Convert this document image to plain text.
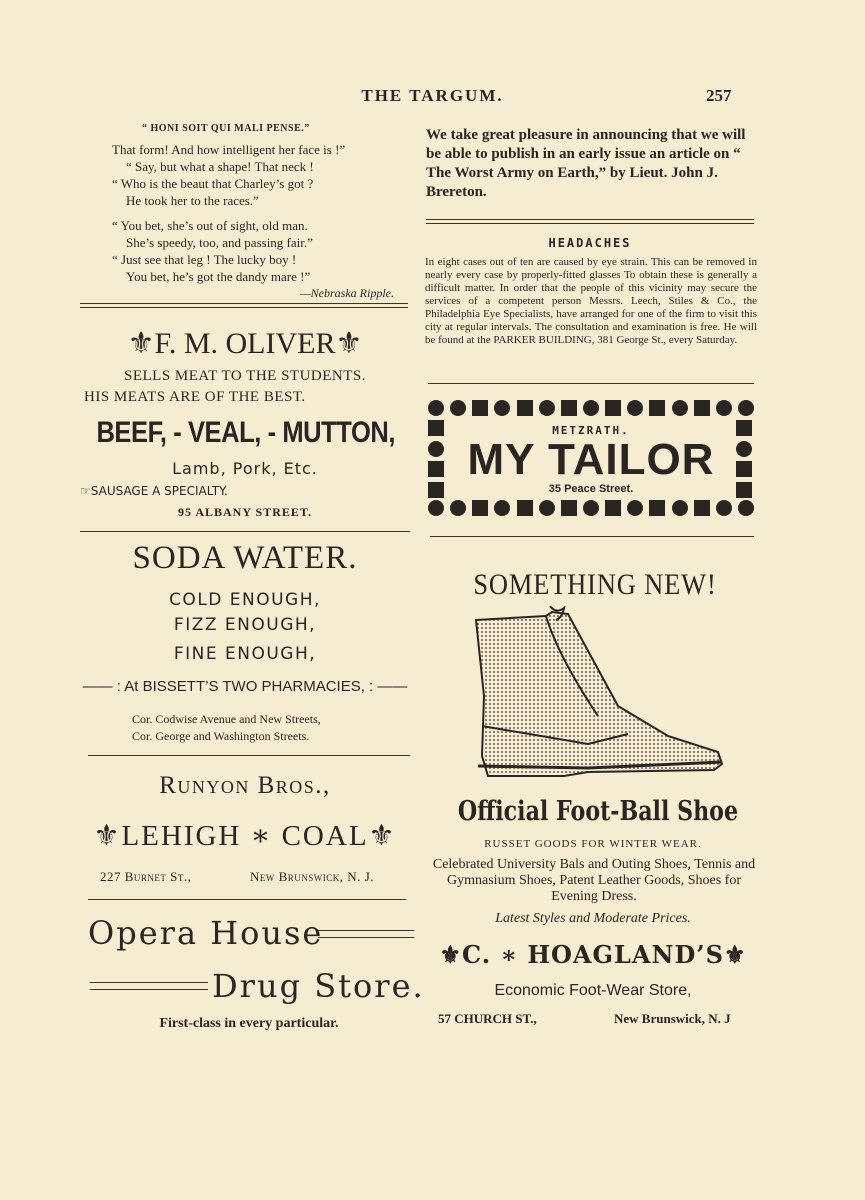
THE TARGUM.	257
“ HONI SOIT QUI MALI PENSE.”
That form! And how intelligent her face is !”
“ Say, but what a shape! That neck !
“ Who is the beaut that Charley’s got ?
He took her to the races.”
“ You bet, she’s out of sight, old man.
She’s speedy, too, and passing fair.”
“ Just see that leg ! The lucky boy !
You bet, he’s got the dandy mare !”
—Nebraska Ripple.
⚜F. M. OLIVER⚜
SELLS MEAT TO THE STUDENTS.
HIS MEATS ARE OF THE BEST.
BEEF, - VEAL, - MUTTON,
Lamb, Pork, Etc.
☞SAUSAGE A SPECIALTY.
95 ALBANY STREET.
SODA WATER.
COLD ENOUGH,
FIZZ ENOUGH,
FINE ENOUGH,
—— : At BISSETT’S TWO PHARMACIES, : ——
Cor. Codwise Avenue and New Streets,
Cor. George and Washington Streets.
Runyon Bros.,
⚜LEHIGH ∗ COAL⚜
227 Burnet St.,	New Brunswick, N. J.
Opera House
Drug Store.
First-class in every particular.
We take great pleasure in announcing that we will be able to publish in an early issue an article on “ The Worst Army on Earth,” by Lieut. John J. Brereton.
HEADACHES
In eight cases out of ten are caused by eye strain. This can be removed in nearly every case by properly-fitted glasses To obtain these is generally a difficult matter. In order that the people of this vicinity may secure the services of a competent person Messrs. Leech, Stiles & Co., the Philadelphia Eye Specialists, have arranged for one of the firm to visit this city at regular intervals. The consultation and examination is free. He will be found at the PARKER BUILDING, 381 George St., every Saturday.
METZRATH.
MY TAILOR
35 Peace Street.
SOMETHING NEW!
Official Foot-Ball Shoe
RUSSET GOODS FOR WINTER WEAR.
Celebrated University Bals and Outing Shoes, Tennis and Gymnasium Shoes, Patent Leather Goods, Shoes for Evening Dress.
Latest Styles and Moderate Prices.
⚜C. ∗ HOAGLAND’S⚜
Economic Foot-Wear Store,
57 CHURCH ST.,	New Brunswick, N. J
